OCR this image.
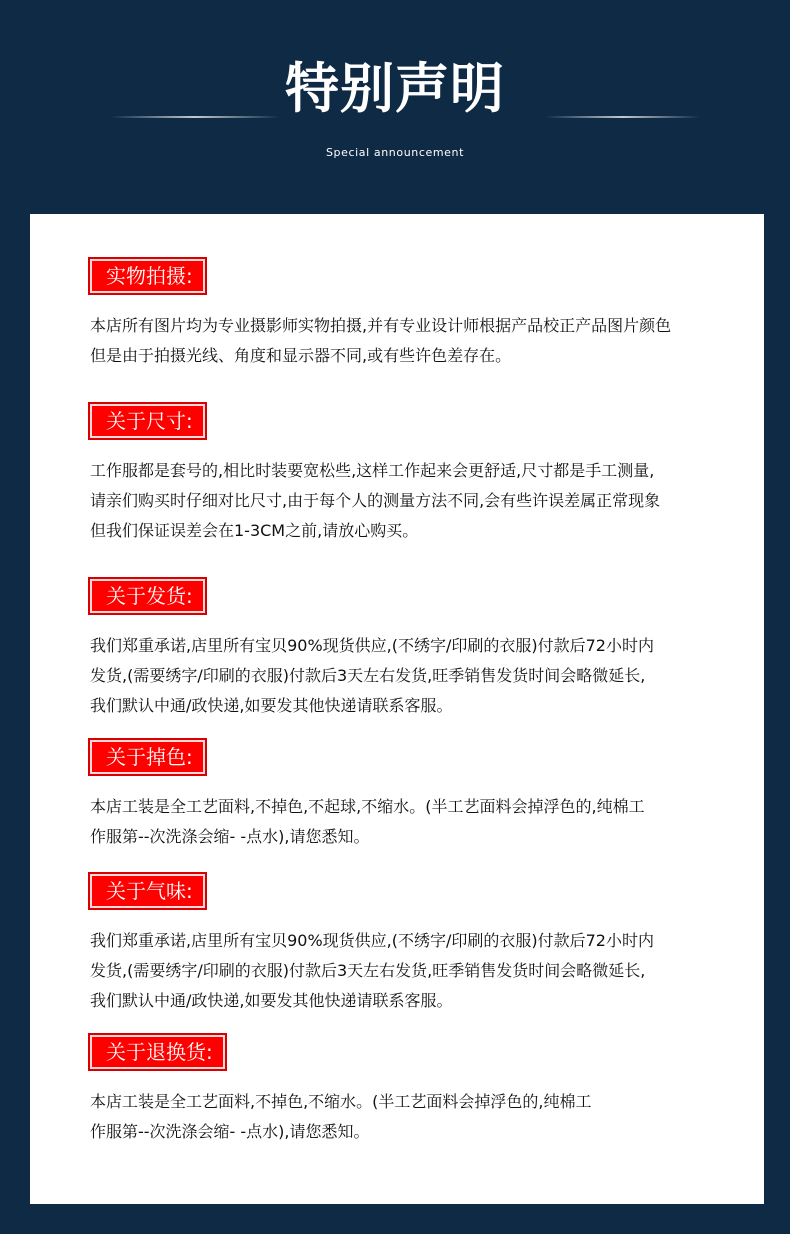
特别声明
Special announcement
实物拍摄:
本店所有图片均为专业摄影师实物拍摄,并有专业设计师根据产品校正产品图片颜色
但是由于拍摄光线、角度和显示器不同,或有些许色差存在。
关于尺寸:
工作服都是套号的,相比时装要宽松些,这样工作起来会更舒适,尺寸都是手工测量,
请亲们购买时仔细对比尺寸,由于每个人的测量方法不同,会有些许误差属正常现象
但我们保证误差会在1-3CM之前,请放心购买。
关于发货:
我们郑重承诺,店里所有宝贝90%现货供应,(不绣字/印刷的衣服)付款后72小时内
发货,(需要绣字/印刷的衣服)付款后3天左右发货,旺季销售发货时间会略微延长,
我们默认中通/政快递,如要发其他快递请联系客服。
关于掉色:
本店工装是全工艺面料,不掉色,不起球,不缩水。(半工艺面料会掉浮色的,纯棉工
作服第--次洗涤会缩- -点水),请您悉知。
关于气味:
我们郑重承诺,店里所有宝贝90%现货供应,(不绣字/印刷的衣服)付款后72小时内
发货,(需要绣字/印刷的衣服)付款后3天左右发货,旺季销售发货时间会略微延长,
我们默认中通/政快递,如要发其他快递请联系客服。
关于退换货:
本店工装是全工艺面料,不掉色,不缩水。(半工艺面料会掉浮色的,纯棉工
作服第--次洗涤会缩- -点水),请您悉知。
